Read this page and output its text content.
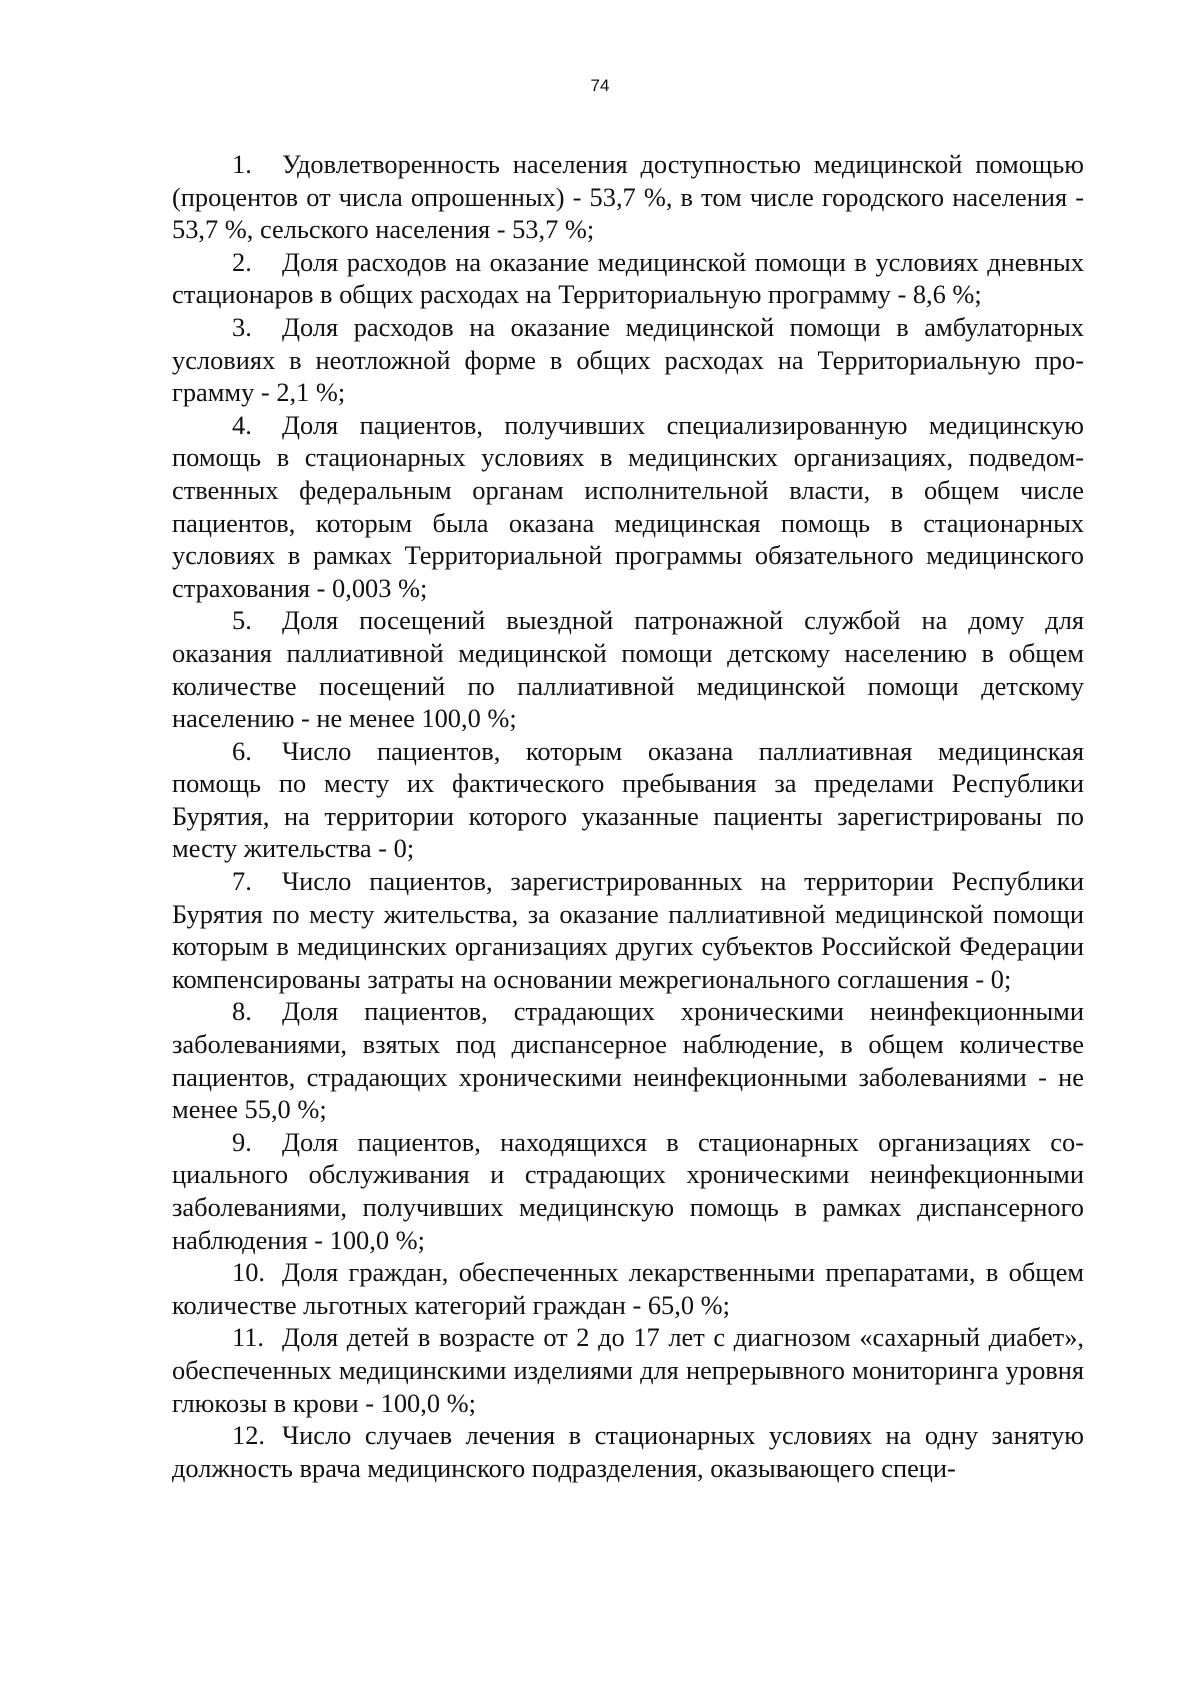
74

1. Удовлетворенность населения доступностью медицинской помощью (процентов от числа опрошенных) - 53,7 %, в том числе городского населения - 53,7 %, сельского населения - 53,7 %;

2. Доля расходов на оказание медицинской помощи в условиях дневных стационаров в общих расходах на Территориальную программу - 8,6 %;

3. Доля расходов на оказание медицинской помощи в амбулаторных условиях в неотложной форме в общих расходах на Территориальную программу - 2,1 %;

4. Доля пациентов, получивших специализированную медицинскую помощь в стационарных условиях в медицинских организациях, подведомственных федеральным органам исполнительной власти, в общем числе пациентов, которым была оказана медицинская помощь в стационарных условиях в рамках Территориальной программы обязательного медицинского страхования - 0,003 %;

5. Доля посещений выездной патронажной службой на дому для оказания паллиативной медицинской помощи детскому населению в общем количестве посещений по паллиативной медицинской помощи детскому населению - не менее 100,0 %;

6. Число пациентов, которым оказана паллиативная медицинская помощь по месту их фактического пребывания за пределами Республики Бурятия, на территории которого указанные пациенты зарегистрированы по месту жительства - 0;

7. Число пациентов, зарегистрированных на территории Республики Бурятия по месту жительства, за оказание паллиативной медицинской помощи которым в медицинских организациях других субъектов Российской Федерации компенсированы затраты на основании межрегионального соглашения - 0;

8. Доля пациентов, страдающих хроническими неинфекционными заболеваниями, взятых под диспансерное наблюдение, в общем количестве пациентов, страдающих хроническими неинфекционными заболеваниями - не менее 55,0 %;

9. Доля пациентов, находящихся в стационарных организациях социального обслуживания и страдающих хроническими неинфекционными заболеваниями, получивших медицинскую помощь в рамках диспансерного наблюдения - 100,0 %;

10. Доля граждан, обеспеченных лекарственными препаратами, в общем количестве льготных категорий граждан - 65,0 %;

11. Доля детей в возрасте от 2 до 17 лет с диагнозом «сахарный диабет», обеспеченных медицинскими изделиями для непрерывного мониторинга уровня глюкозы в крови - 100,0 %;

12. Число случаев лечения в стационарных условиях на одну занятую должность врача медицинского подразделения, оказывающего специ-
